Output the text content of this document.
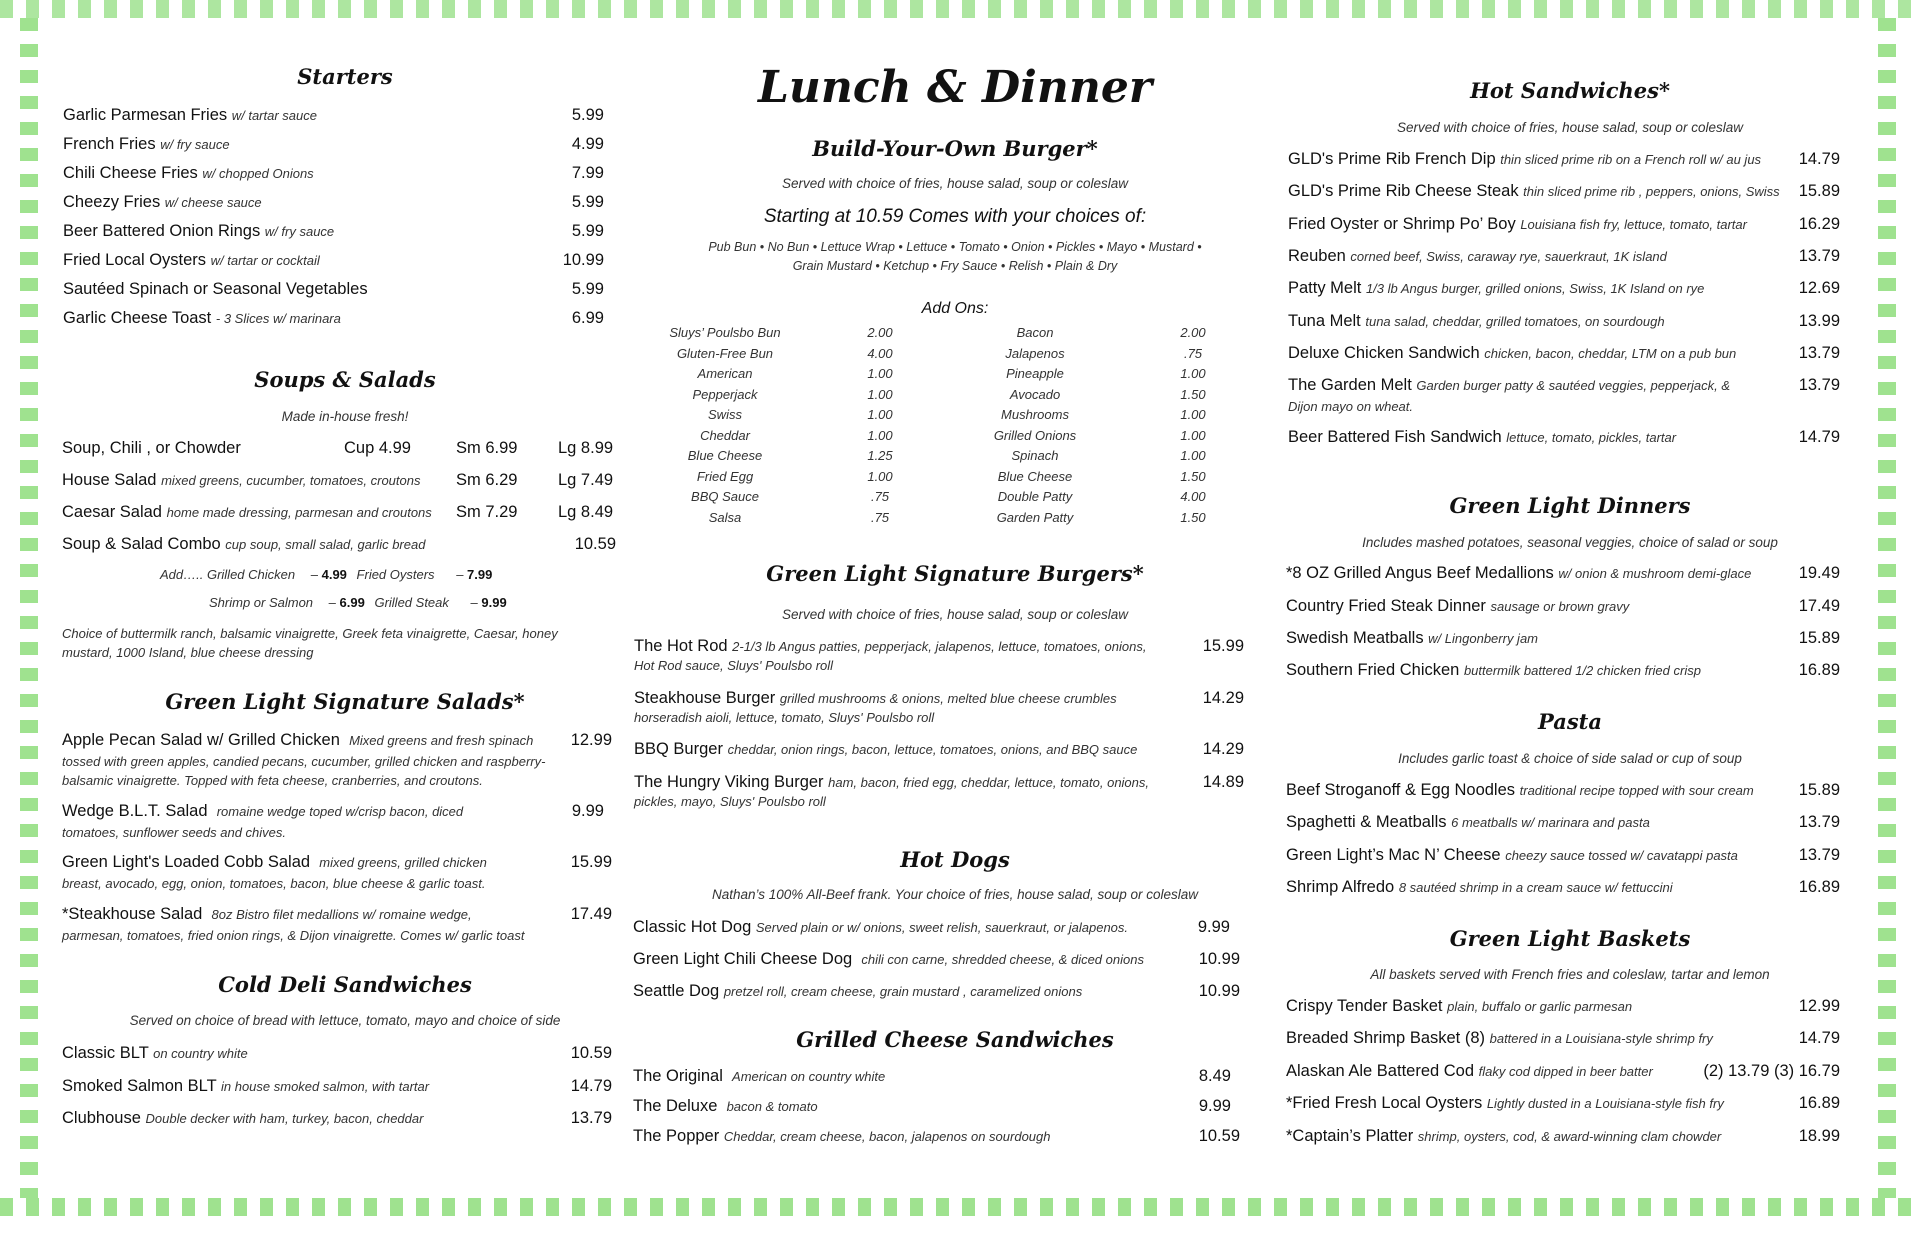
Starters
Garlic Parmesan Fries w/ tartar sauce	5.99
French Fries w/ fry sauce	4.99
Chili Cheese Fries w/ chopped Onions	7.99
Cheezy Fries w/ cheese sauce	5.99
Beer Battered Onion Rings w/ fry sauce	5.99
Fried Local Oysters w/ tartar or cocktail	10.99
Sautéed Spinach or Seasonal Vegetables	5.99
Garlic Cheese Toast - 3 Slices w/ marinara	6.99
Soups & Salads
Made in-house fresh!
Soup, Chili , or Chowder	Cup 4.99	Sm 6.99 Lg 8.99
House Salad mixed greens, cucumber, tomatoes, croutons Sm 6.29 Lg 7.49
Caesar Salad home made dressing, parmesan and croutons Sm 7.29 Lg 8.49
Soup & Salad Combo cup soup, small salad, garlic bread	10.59
Add….. Grilled Chicken – 4.99 Fried Oysters – 7.99
Shrimp or Salmon – 6.99 Grilled Steak – 9.99
Choice of buttermilk ranch, balsamic vinaigrette, Greek feta vinaigrette, Caesar, honey
mustard, 1000 Island, blue cheese dressing
Green Light Signature Salads*
Apple Pecan Salad w/ Grilled Chicken Mixed greens and fresh spinach	12.99
tossed with green apples, candied pecans, cucumber, grilled chicken and raspberry-
balsamic vinaigrette. Topped with feta cheese, cranberries, and croutons.
Wedge B.L.T. Salad romaine wedge toped w/crisp bacon, diced	9.99
tomatoes, sunflower seeds and chives.
Green Light's Loaded Cobb Salad mixed greens, grilled chicken	15.99
breast, avocado, egg, onion, tomatoes, bacon, blue cheese & garlic toast.
*Steakhouse Salad 8oz Bistro filet medallions w/ romaine wedge,	17.49
parmesan, tomatoes, fried onion rings, & Dijon vinaigrette. Comes w/ garlic toast
Cold Deli Sandwiches
Served on choice of bread with lettuce, tomato, mayo and choice of side
Classic BLT on country white	10.59
Smoked Salmon BLT in house smoked salmon, with tartar	14.79
Clubhouse Double decker with ham, turkey, bacon, cheddar	13.79
Lunch & Dinner
Build-Your-Own Burger*
Served with choice of fries, house salad, soup or coleslaw
Starting at 10.59 Comes with your choices of:
Pub Bun • No Bun • Lettuce Wrap • Lettuce • Tomato • Onion • Pickles • Mayo • Mustard •
Grain Mustard • Ketchup • Fry Sauce • Relish • Plain & Dry
Add Ons:
Sluys’ Poulsbo Bun	2.00
Gluten-Free Bun	4.00
American	1.00
Pepperjack	1.00
Swiss	1.00
Cheddar	1.00
Blue Cheese	1.25
Fried Egg	1.00
BBQ Sauce	.75
Salsa	.75
Bacon	2.00
Jalapenos	.75
Pineapple	1.00
Avocado	1.50
Mushrooms	1.00
Grilled Onions	1.00
Spinach	1.00
Blue Cheese	1.50
Double Patty	4.00
Garden Patty	1.50
Green Light Signature Burgers*
Served with choice of fries, house salad, soup or coleslaw
The Hot Rod 2-1/3 lb Angus patties, pepperjack, jalapenos, lettuce, tomatoes, onions,	15.99
Hot Rod sauce, Sluys' Poulsbo roll
Steakhouse Burger grilled mushrooms & onions, melted blue cheese crumbles	14.29
horseradish aioli, lettuce, tomato, Sluys' Poulsbo roll
BBQ Burger cheddar, onion rings, bacon, lettuce, tomatoes, onions, and BBQ sauce	14.29
The Hungry Viking Burger ham, bacon, fried egg, cheddar, lettuce, tomato, onions,	14.89
pickles, mayo, Sluys' Poulsbo roll
Hot Dogs
Nathan’s 100% All-Beef frank. Your choice of fries, house salad, soup or coleslaw
Classic Hot Dog Served plain or w/ onions, sweet relish, sauerkraut, or jalapenos.	9.99
Green Light Chili Cheese Dog chili con carne, shredded cheese, & diced onions	10.99
Seattle Dog pretzel roll, cream cheese, grain mustard , caramelized onions	10.99
Grilled Cheese Sandwiches
The Original American on country white	8.49
The Deluxe bacon & tomato	9.99
The Popper Cheddar, cream cheese, bacon, jalapenos on sourdough	10.59
Hot Sandwiches*
Served with choice of fries, house salad, soup or coleslaw
GLD's Prime Rib French Dip thin sliced prime rib on a French roll w/ au jus	14.79
GLD's Prime Rib Cheese Steak thin sliced prime rib , peppers, onions, Swiss	15.89
Fried Oyster or Shrimp Po’ Boy Louisiana fish fry, lettuce, tomato, tartar	16.29
Reuben corned beef, Swiss, caraway rye, sauerkraut, 1K island	13.79
Patty Melt 1/3 lb Angus burger, grilled onions, Swiss, 1K Island on rye	12.69
Tuna Melt tuna salad, cheddar, grilled tomatoes, on sourdough	13.99
Deluxe Chicken Sandwich chicken, bacon, cheddar, LTM on a pub bun	13.79
The Garden Melt Garden burger patty & sautéed veggies, pepperjack, &	13.79
Dijon mayo on wheat.
Beer Battered Fish Sandwich lettuce, tomato, pickles, tartar	14.79
Green Light Dinners
Includes mashed potatoes, seasonal veggies, choice of salad or soup
*8 OZ Grilled Angus Beef Medallions w/ onion & mushroom demi-glace	19.49
Country Fried Steak Dinner sausage or brown gravy	17.49
Swedish Meatballs w/ Lingonberry jam	15.89
Southern Fried Chicken buttermilk battered 1/2 chicken fried crisp	16.89
Pasta
Includes garlic toast & choice of side salad or cup of soup
Beef Stroganoff & Egg Noodles traditional recipe topped with sour cream	15.89
Spaghetti & Meatballs 6 meatballs w/ marinara and pasta	13.79
Green Light’s Mac N’ Cheese cheezy sauce tossed w/ cavatappi pasta	13.79
Shrimp Alfredo 8 sautéed shrimp in a cream sauce w/ fettuccini	16.89
Green Light Baskets
All baskets served with French fries and coleslaw, tartar and lemon
Crispy Tender Basket plain, buffalo or garlic parmesan	12.99
Breaded Shrimp Basket (8) battered in a Louisiana-style shrimp fry	14.79
Alaskan Ale Battered Cod flaky cod dipped in beer batter	(2) 13.79 (3) 16.79
*Fried Fresh Local Oysters Lightly dusted in a Louisiana-style fish fry	16.89
*Captain’s Platter shrimp, oysters, cod, & award-winning clam chowder	18.99
